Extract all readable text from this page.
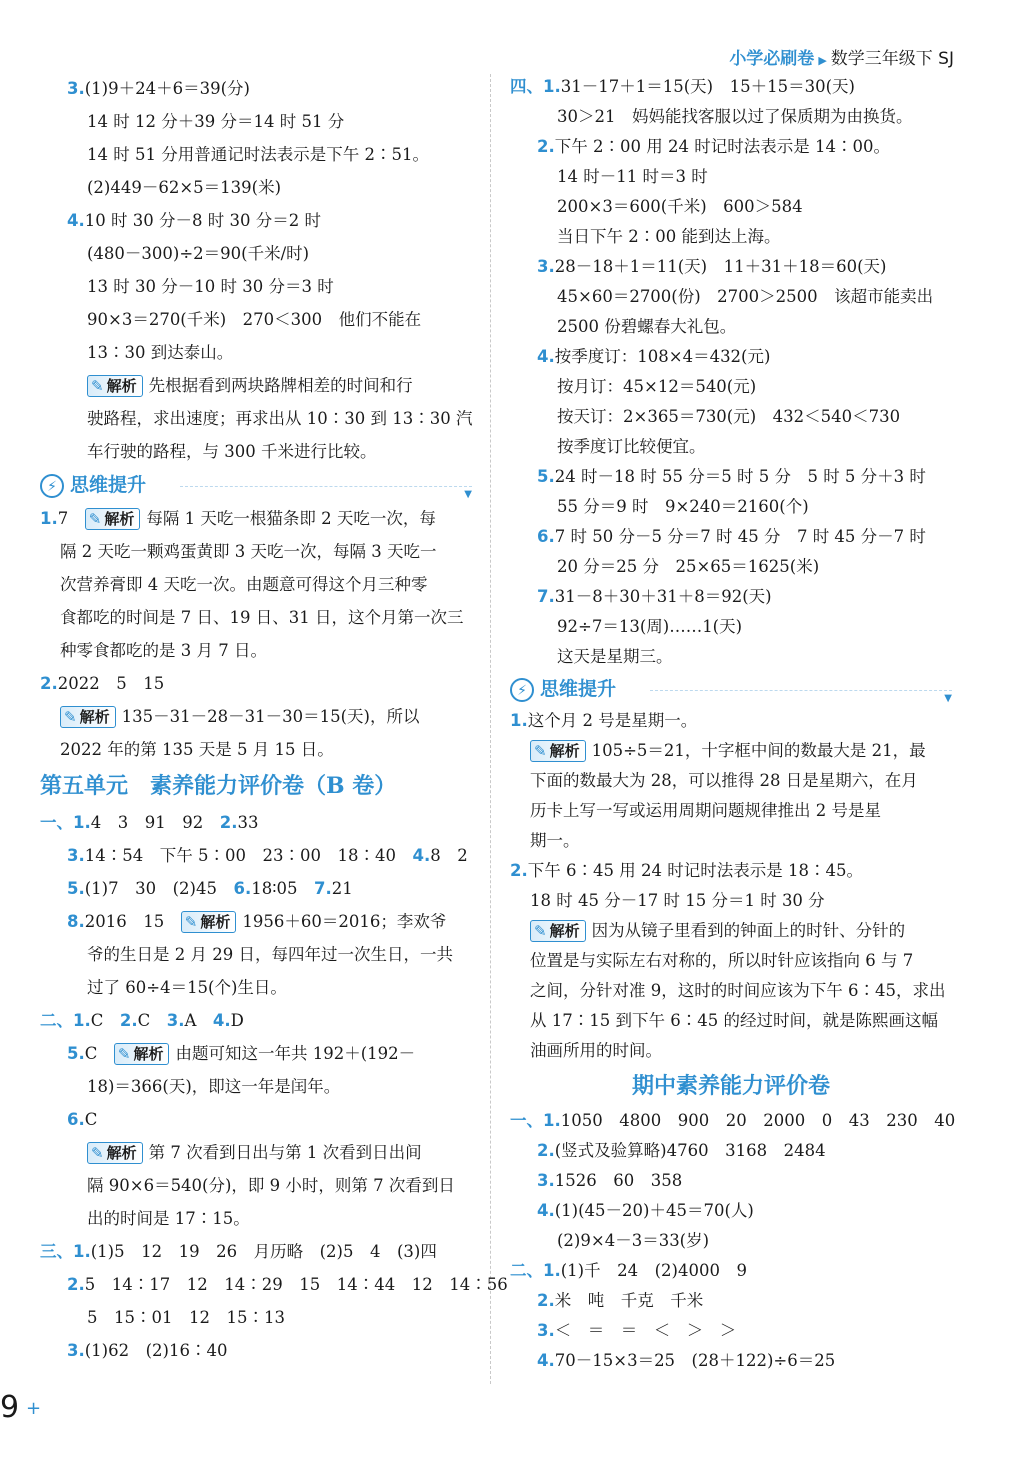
小学必刷卷 ▶ 数学三年级下 SJ
3.(1)9＋24＋6＝39(分)
14 时 12 分＋39 分＝14 时 51 分
14 时 51 分用普通记时法表示是下午 2∶51。
(2)449－62×5＝139(米)
4.10 时 30 分－8 时 30 分＝2 时
(480－300)÷2＝90(千米/时)
13 时 30 分－10 时 30 分＝3 时
90×3＝270(千米)　270＜300　他们不能在
13∶30 到达泰山。
✎ 解析 先根据看到两块路牌相差的时间和行
驶路程，求出速度；再求出从 10∶30 到 13∶30 汽
车行驶的路程，与 300 千米进行比较。
⚡ 思维提升	▼
1.7　 ✎ 解析 每隔 1 天吃一根猫条即 2 天吃一次，每
隔 2 天吃一颗鸡蛋黄即 3 天吃一次，每隔 3 天吃一
次营养膏即 4 天吃一次。由题意可得这个月三种零
食都吃的时间是 7 日、19 日、31 日，这个月第一次三
种零食都吃的是 3 月 7 日。
2.2022　5　15
✎ 解析 135－31－28－31－30＝15(天)，所以
2022 年的第 135 天是 5 月 15 日。
第五单元 素养能力评价卷（B 卷）
一、1.4　3　91　92　 2.33
3.14∶54　下午 5∶00　23∶00　18∶40　 4.8　2
5.(1)7　30　(2)45　 6.18∶05　 7.21
8.2016　15　 ✎ 解析 1956＋60＝2016；李欢爷
爷的生日是 2 月 29 日，每四年过一次生日，一共
过了 60÷4＝15(个)生日。
二、1.C　 2.C　 3.A　 4.D
5.C　 ✎ 解析 由题可知这一年共 192＋(192－
18)＝366(天)，即这一年是闰年。
6.C
✎ 解析 第 7 次看到日出与第 1 次看到日出间
隔 90×6＝540(分)，即 9 小时，则第 7 次看到日
出的时间是 17∶15。
三、1.(1)5　12　19　26　月历略　(2)5　4　(3)四
2.5　14∶17　12　14∶29　15　14∶44　12　14∶56
5　15∶01　12　15∶13
3.(1)62　(2)16∶40
四、1.31－17＋1＝15(天)　15＋15＝30(天)
30＞21　妈妈能找客服以过了保质期为由换货。
2.下午 2∶00 用 24 时记时法表示是 14∶00。
14 时－11 时＝3 时
200×3＝600(千米)　600＞584
当日下午 2∶00 能到达上海。
3.28－18＋1＝11(天)　11＋31＋18＝60(天)
45×60＝2700(份)　2700＞2500　该超市能卖出
2500 份碧螺春大礼包。
4.按季度订：108×4＝432(元)
按月订：45×12＝540(元)
按天订：2×365＝730(元)　432＜540＜730
按季度订比较便宜。
5.24 时－18 时 55 分＝5 时 5 分　5 时 5 分＋3 时
55 分＝9 时　9×240＝2160(个)
6.7 时 50 分－5 分＝7 时 45 分　7 时 45 分－7 时
20 分＝25 分　25×65＝1625(米)
7.31－8＋30＋31＋8＝92(天)
92÷7＝13(周)……1(天)
这天是星期三。
⚡ 思维提升	▼
1.这个月 2 号是星期一。
✎ 解析 105÷5＝21，十字框中间的数最大是 21，最
下面的数最大为 28，可以推得 28 日是星期六，在月
历卡上写一写或运用周期问题规律推出 2 号是星
期一。
2.下午 6∶45 用 24 时记时法表示是 18∶45。
18 时 45 分－17 时 15 分＝1 时 30 分
✎ 解析 因为从镜子里看到的钟面上的时针、分针的
位置是与实际左右对称的，所以时针应该指向 6 与 7
之间，分针对准 9，这时的时间应该为下午 6∶45，求出
从 17∶15 到下午 6∶45 的经过时间，就是陈熙画这幅
油画所用的时间。
期中素养能力评价卷
一、1.1050　4800　900　20　2000　0　43　230　40
2.(竖式及验算略)4760　3168　2484
3.1526　60　358
4.(1)(45－20)＋45＝70(人)
(2)9×4－3＝33(岁)
二、1.(1)千　24　(2)4000　9
2.米　吨　千克　千米
3.＜　＝　＝　＜　＞　＞
4.70－15×3＝25　(28＋122)÷6＝25
9 +
